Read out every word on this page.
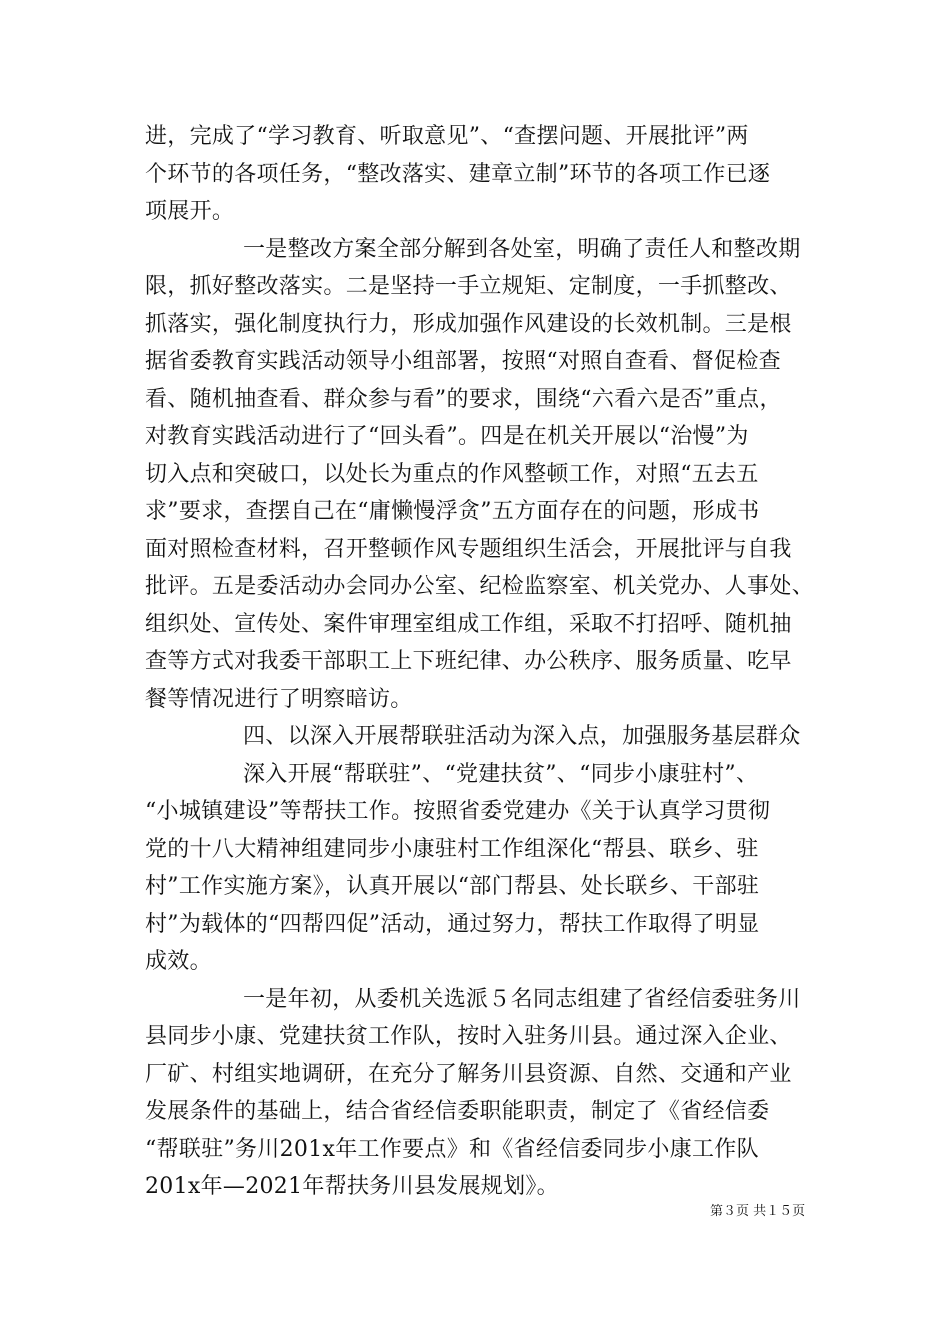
进，完成了“学习教育、听取意见”、“查摆问题、开展批评”两
个环节的各项任务，“整改落实、建章立制”环节的各项工作已逐
项展开。
一是整改方案全部分解到各处室，明确了责任人和整改期
限，抓好整改落实。二是坚持一手立规矩、定制度，一手抓整改、
抓落实，强化制度执行力，形成加强作风建设的长效机制。三是根
据省委教育实践活动领导小组部署，按照“对照自查看、督促检查
看、随机抽查看、群众参与看”的要求，围绕“六看六是否”重点，
对教育实践活动进行了“回头看”。四是在机关开展以“治慢”为
切入点和突破口，以处长为重点的作风整顿工作，对照“五去五
求”要求，查摆自己在“庸懒慢浮贪”五方面存在的问题，形成书
面对照检查材料，召开整顿作风专题组织生活会，开展批评与自我
批评。五是委活动办会同办公室、纪检监察室、机关党办、人事处、
组织处、宣传处、案件审理室组成工作组，采取不打招呼、随机抽
查等方式对我委干部职工上下班纪律、办公秩序、服务质量、吃早
餐等情况进行了明察暗访。
四、以深入开展帮联驻活动为深入点，加强服务基层群众
深入开展“帮联驻”、“党建扶贫”、“同步小康驻村”、
“小城镇建设”等帮扶工作。按照省委党建办《关于认真学习贯彻
党的十八大精神组建同步小康驻村工作组深化“帮县、联乡、驻
村”工作实施方案》，认真开展以“部门帮县、处长联乡、干部驻
村”为载体的“四帮四促”活动，通过努力，帮扶工作取得了明显
成效。
一是年初，从委机关选派５名同志组建了省经信委驻务川
县同步小康、党建扶贫工作队，按时入驻务川县。通过深入企业、
厂矿、村组实地调研，在充分了解务川县资源、自然、交通和产业
发展条件的基础上，结合省经信委职能职责，制定了《省经信委
“帮联驻”务川201x年工作要点》和《省经信委同步小康工作队
201x年—2021年帮扶务川县发展规划》。
第３页 共１５页
